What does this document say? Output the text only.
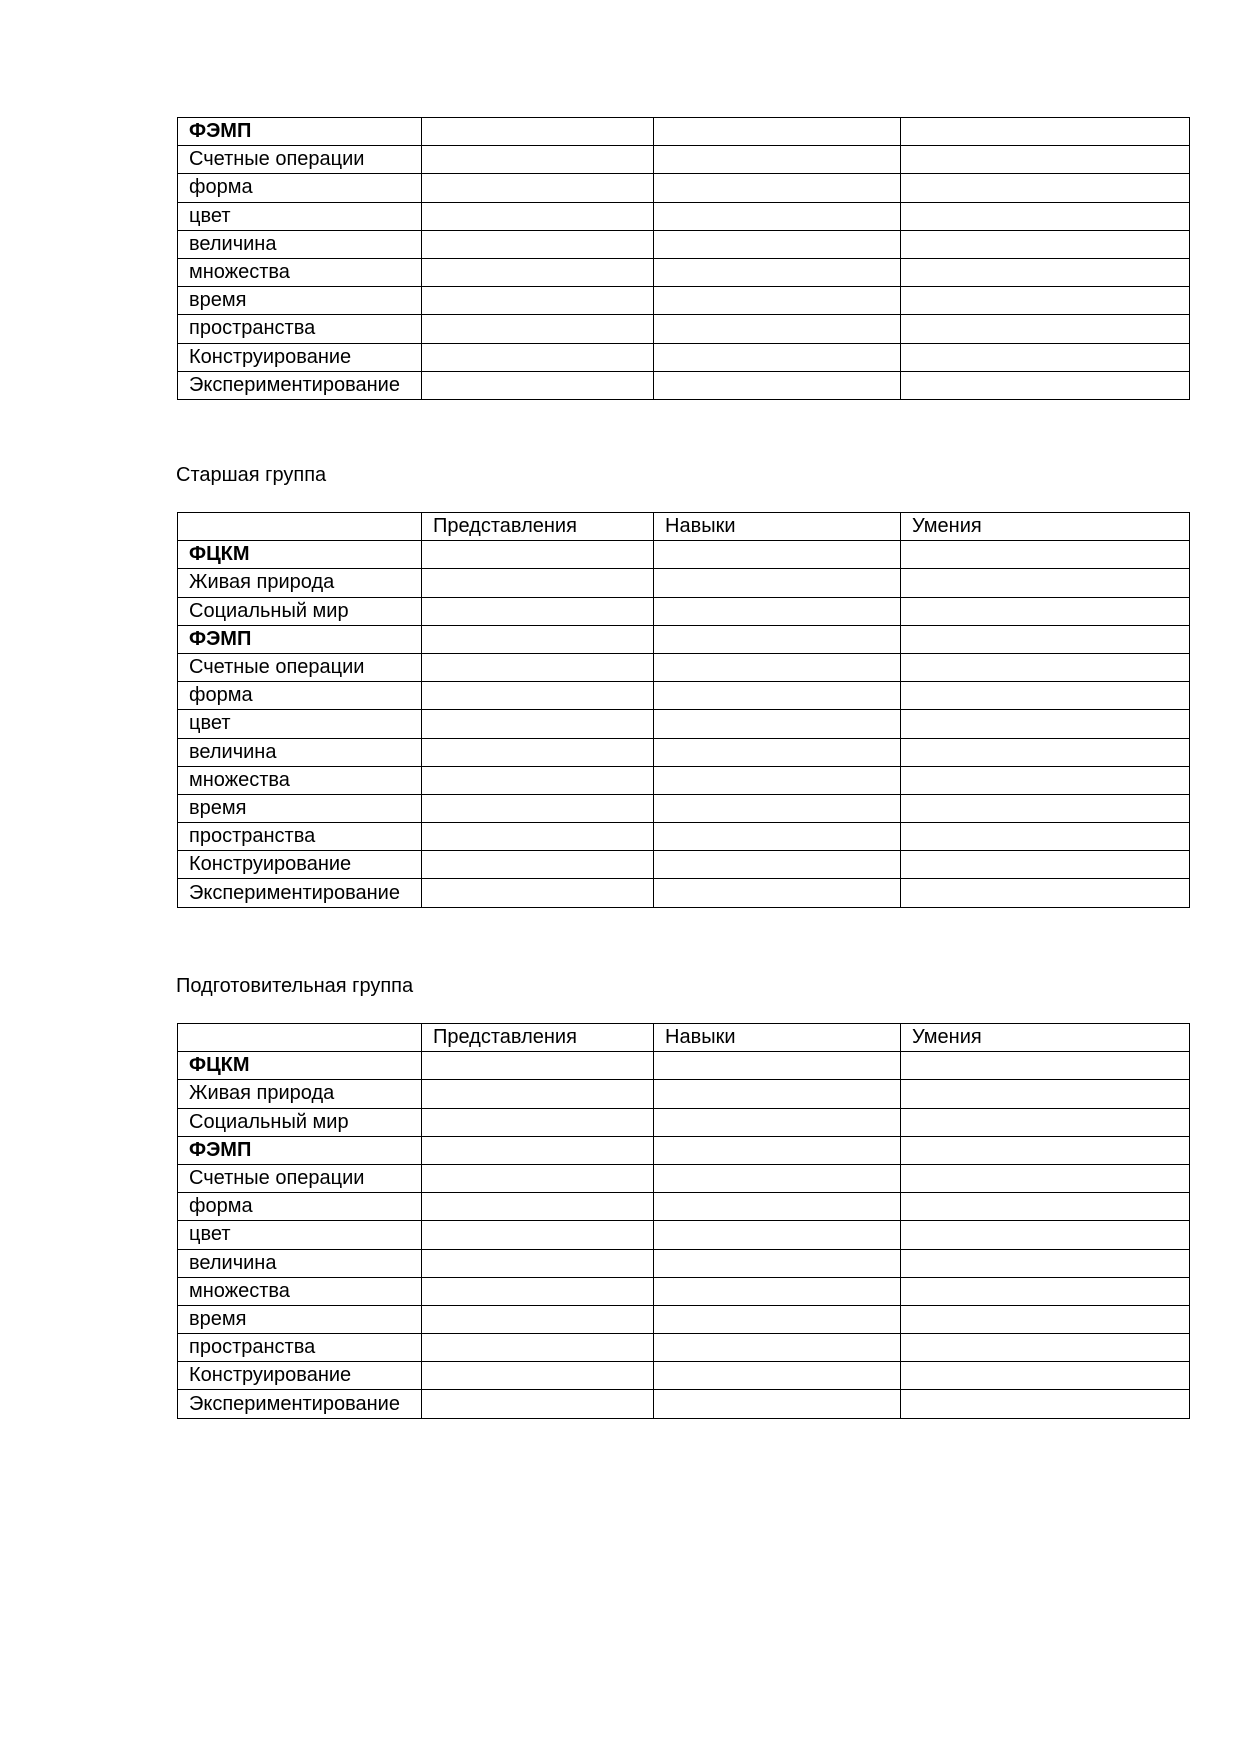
ФЭМП			
Счетные операции			
форма			
цвет			
величина			
множества			
время			
пространства			
Конструирование			
Экспериментирование			
Старшая группа
	Представления	Навыки	Умения
ФЦКМ			
Живая природа			
Социальный мир			
ФЭМП			
Счетные операции			
форма			
цвет			
величина			
множества			
время			
пространства			
Конструирование			
Экспериментирование			
Подготовительная группа
	Представления	Навыки	Умения
ФЦКМ			
Живая природа			
Социальный мир			
ФЭМП			
Счетные операции			
форма			
цвет			
величина			
множества			
время			
пространства			
Конструирование			
Экспериментирование			
